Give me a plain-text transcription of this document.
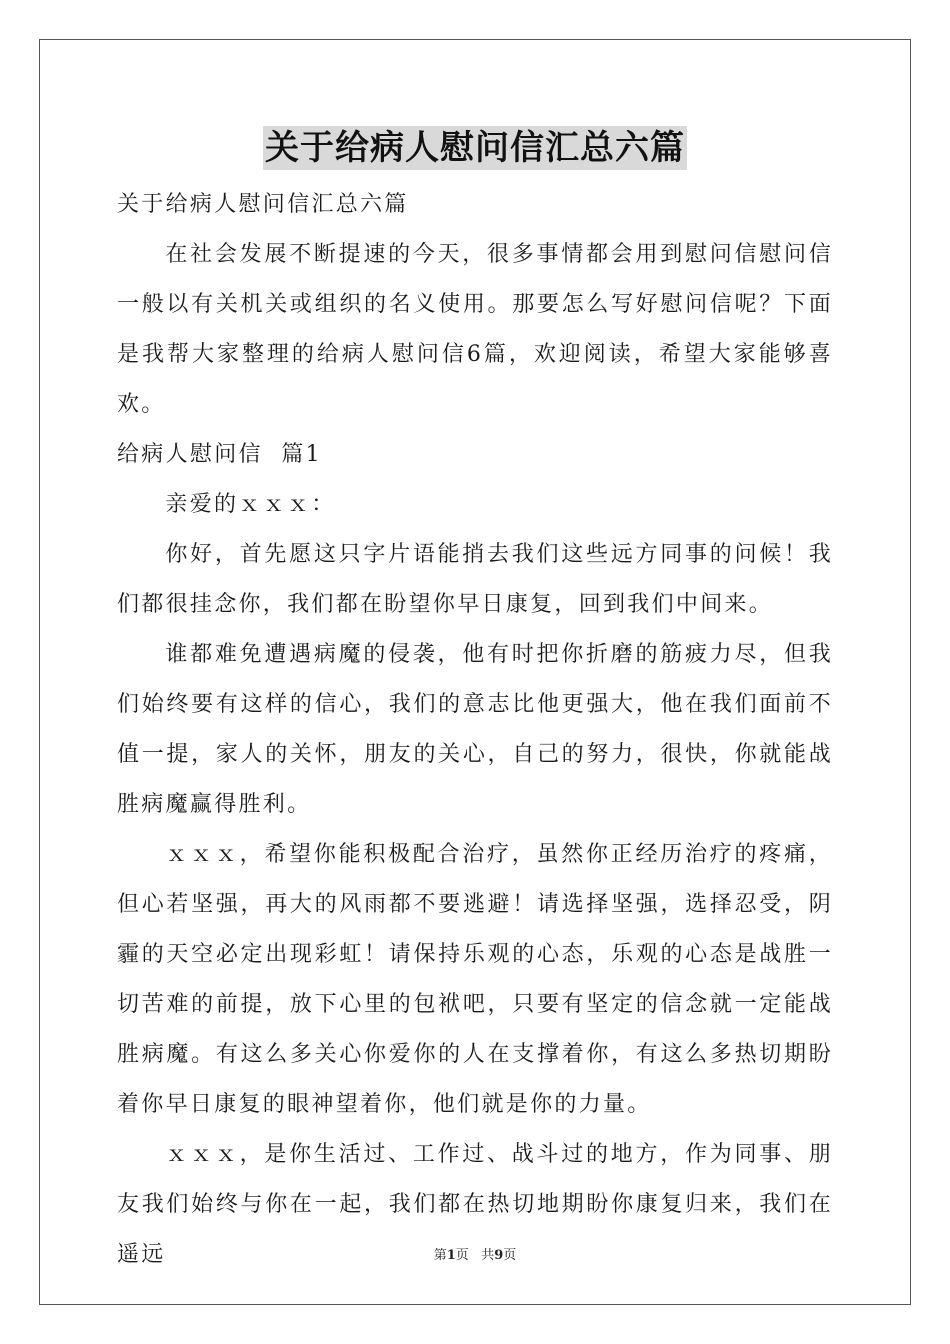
关于给病人慰问信汇总六篇
关于给病人慰问信汇总六篇

在社会发展不断提速的今天，很多事情都会用到慰问信慰问信一般以有关机关或组织的名义使用。那要怎么写好慰问信呢？下面是我帮大家整理的给病人慰问信6篇，欢迎阅读，希望大家能够喜欢。

给病人慰问信  篇1

亲爱的ｘｘｘ：

你好，首先愿这只字片语能捎去我们这些远方同事的问候！我们都很挂念你，我们都在盼望你早日康复，回到我们中间来。

谁都难免遭遇病魔的侵袭，他有时把你折磨的筋疲力尽，但我们始终要有这样的信心，我们的意志比他更强大，他在我们面前不值一提，家人的关怀，朋友的关心，自己的努力，很快，你就能战胜病魔赢得胜利。

ｘｘｘ，希望你能积极配合治疗，虽然你正经历治疗的疼痛，但心若坚强，再大的风雨都不要逃避！请选择坚强，选择忍受，阴霾的天空必定出现彩虹！请保持乐观的心态，乐观的心态是战胜一切苦难的前提，放下心里的包袱吧，只要有坚定的信念就一定能战胜病魔。有这么多关心你爱你的人在支撑着你，有这么多热切期盼着你早日康复的眼神望着你，他们就是你的力量。

ｘｘｘ，是你生活过、工作过、战斗过的地方，作为同事、朋友我们始终与你在一起，我们都在热切地期盼你康复归来，我们在遥远	第1页 共9页
